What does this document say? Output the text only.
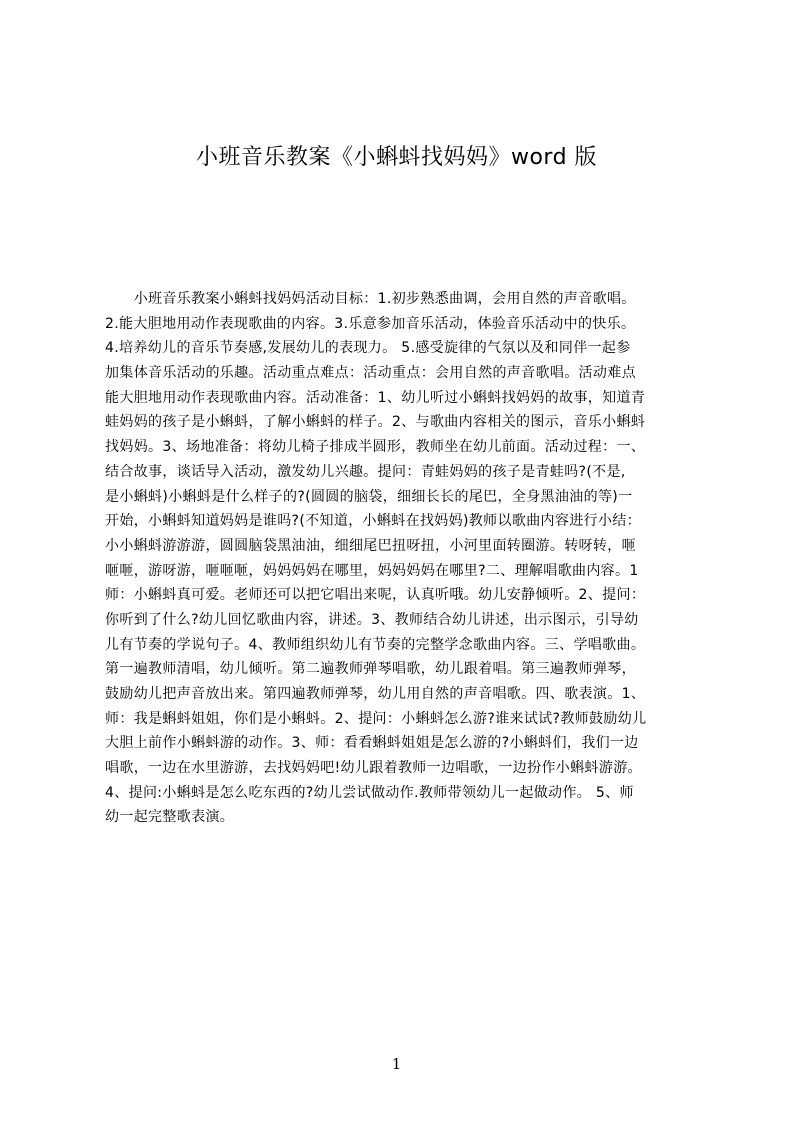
小班音乐教案《小蝌蚪找妈妈》word 版
　　小班音乐教案小蝌蚪找妈妈活动目标：1.初步熟悉曲调，会用自然的声音歌唱。
2.能大胆地用动作表现歌曲的内容。3.乐意参加音乐活动，体验音乐活动中的快乐。
4.培养幼儿的音乐节奏感,发展幼儿的表现力。 5.感受旋律的气氛以及和同伴一起参
加集体音乐活动的乐趣。活动重点难点：活动重点：会用自然的声音歌唱。活动难点
能大胆地用动作表现歌曲内容。活动准备：1、幼儿听过小蝌蚪找妈妈的故事，知道青
蛙妈妈的孩子是小蝌蚪，了解小蝌蚪的样子。2、与歌曲内容相关的图示，音乐小蝌蚪
找妈妈。3、场地准备：将幼儿椅子排成半圆形，教师坐在幼儿前面。活动过程：一、
结合故事，谈话导入活动，激发幼儿兴趣。提问：青蛙妈妈的孩子是青蛙吗?(不是,
是小蝌蚪)小蝌蚪是什么样子的?(圆圆的脑袋，细细长长的尾巴，全身黑油油的等)一
开始，小蝌蚪知道妈妈是谁吗?(不知道，小蝌蚪在找妈妈)教师以歌曲内容进行小结：
小小蝌蚪游游游，圆圆脑袋黑油油，细细尾巴扭呀扭，小河里面转圈游。转呀转，咂
咂咂，游呀游，咂咂咂，妈妈妈妈在哪里，妈妈妈妈在哪里?二、理解唱歌曲内容。1
师：小蝌蚪真可爱。老师还可以把它唱出来呢，认真听哦。幼儿安静倾听。2、提问：
你听到了什么?幼儿回忆歌曲内容，讲述。3、教师结合幼儿讲述，出示图示，引导幼
儿有节奏的学说句子。4、教师组织幼儿有节奏的完整学念歌曲内容。三、学唱歌曲。
第一遍教师清唱，幼儿倾听。第二遍教师弹琴唱歌，幼儿跟着唱。第三遍教师弹琴，
鼓励幼儿把声音放出来。第四遍教师弹琴，幼儿用自然的声音唱歌。四、歌表演。1、
师：我是蝌蚪姐姐，你们是小蝌蚪。2、提问：小蝌蚪怎么游?谁来试试?教师鼓励幼儿
大胆上前作小蝌蚪游的动作。3、师：看看蝌蚪姐姐是怎么游的?小蝌蚪们，我们一边
唱歌，一边在水里游游，去找妈妈吧!幼儿跟着教师一边唱歌，一边扮作小蝌蚪游游。
4、提问:小蝌蚪是怎么吃东西的?幼儿尝试做动作.教师带领幼儿一起做动作。 5、师
幼一起完整歌表演。
1
